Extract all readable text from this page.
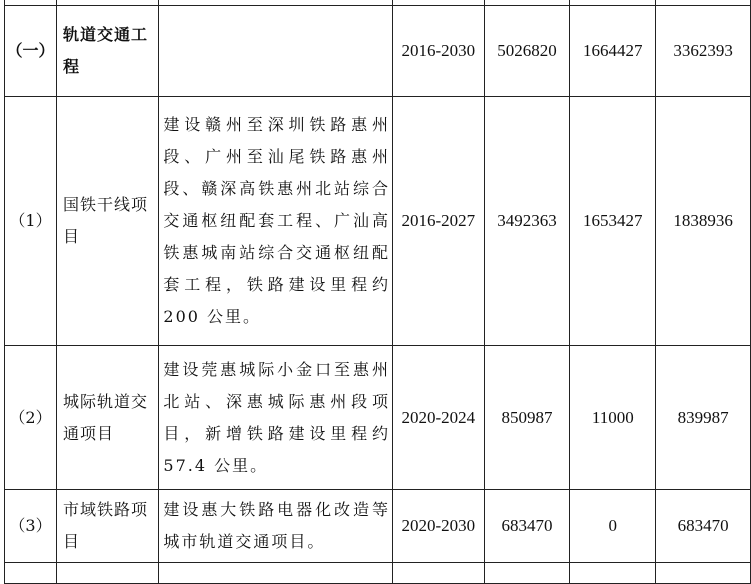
（一）	轨道交通工程		2016-2030	5026820	1664427	3362393
（1）	国铁干线项目	建设赣州至深圳铁路惠州段、广州至汕尾铁路惠州段、赣深高铁惠州北站综合交通枢纽配套工程、广汕高铁惠城南站综合交通枢纽配套工程，铁路建设里程约 200 公里。	2016-2027	3492363	1653427	1838936
（2）	城际轨道交通项目	建设莞惠城际小金口至惠州北站、深惠城际惠州段项目，新增铁路建设里程约 57.4 公里。	2020-2024	850987	11000	839987
（3）	市域铁路项目	建设惠大铁路电器化改造等城市轨道交通项目。	2020-2030	683470	0	683470
